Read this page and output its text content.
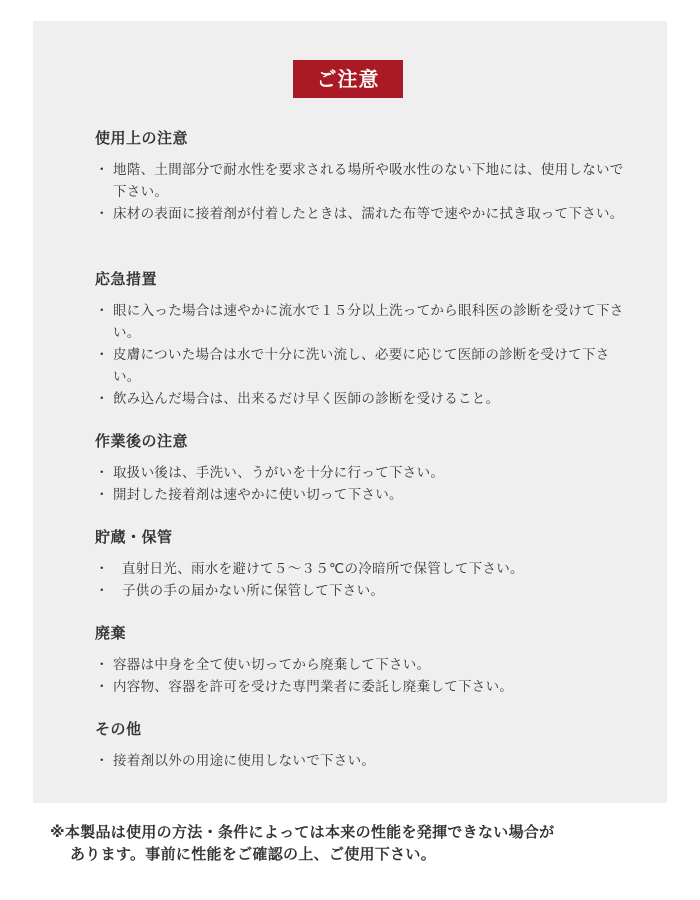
ご注意
使用上の注意
・ 地階、土間部分で耐水性を要求される場所や吸水性のない下地には、使用しないで下さい。
・ 床材の表面に接着剤が付着したときは、濡れた布等で速やかに拭き取って下さい。
応急措置
・ 眼に入った場合は速やかに流水で１５分以上洗ってから眼科医の診断を受けて下さい。
・ 皮膚についた場合は水で十分に洗い流し、必要に応じて医師の診断を受けて下さい。
・ 飲み込んだ場合は、出来るだけ早く医師の診断を受けること。
作業後の注意
・ 取扱い後は、手洗い、うがいを十分に行って下さい。
・ 開封した接着剤は速やかに使い切って下さい。
貯蔵・保管
・ 直射日光、雨水を避けて５～３５℃の冷暗所で保管して下さい。
・ 子供の手の届かない所に保管して下さい。
廃棄
・ 容器は中身を全て使い切ってから廃棄して下さい。
・ 内容物、容器を許可を受けた専門業者に委託し廃棄して下さい。
その他
・ 接着剤以外の用途に使用しないで下さい。
※本製品は使用の方法・条件によっては本来の性能を発揮できない場合が
あります。事前に性能をご確認の上、ご使用下さい。
